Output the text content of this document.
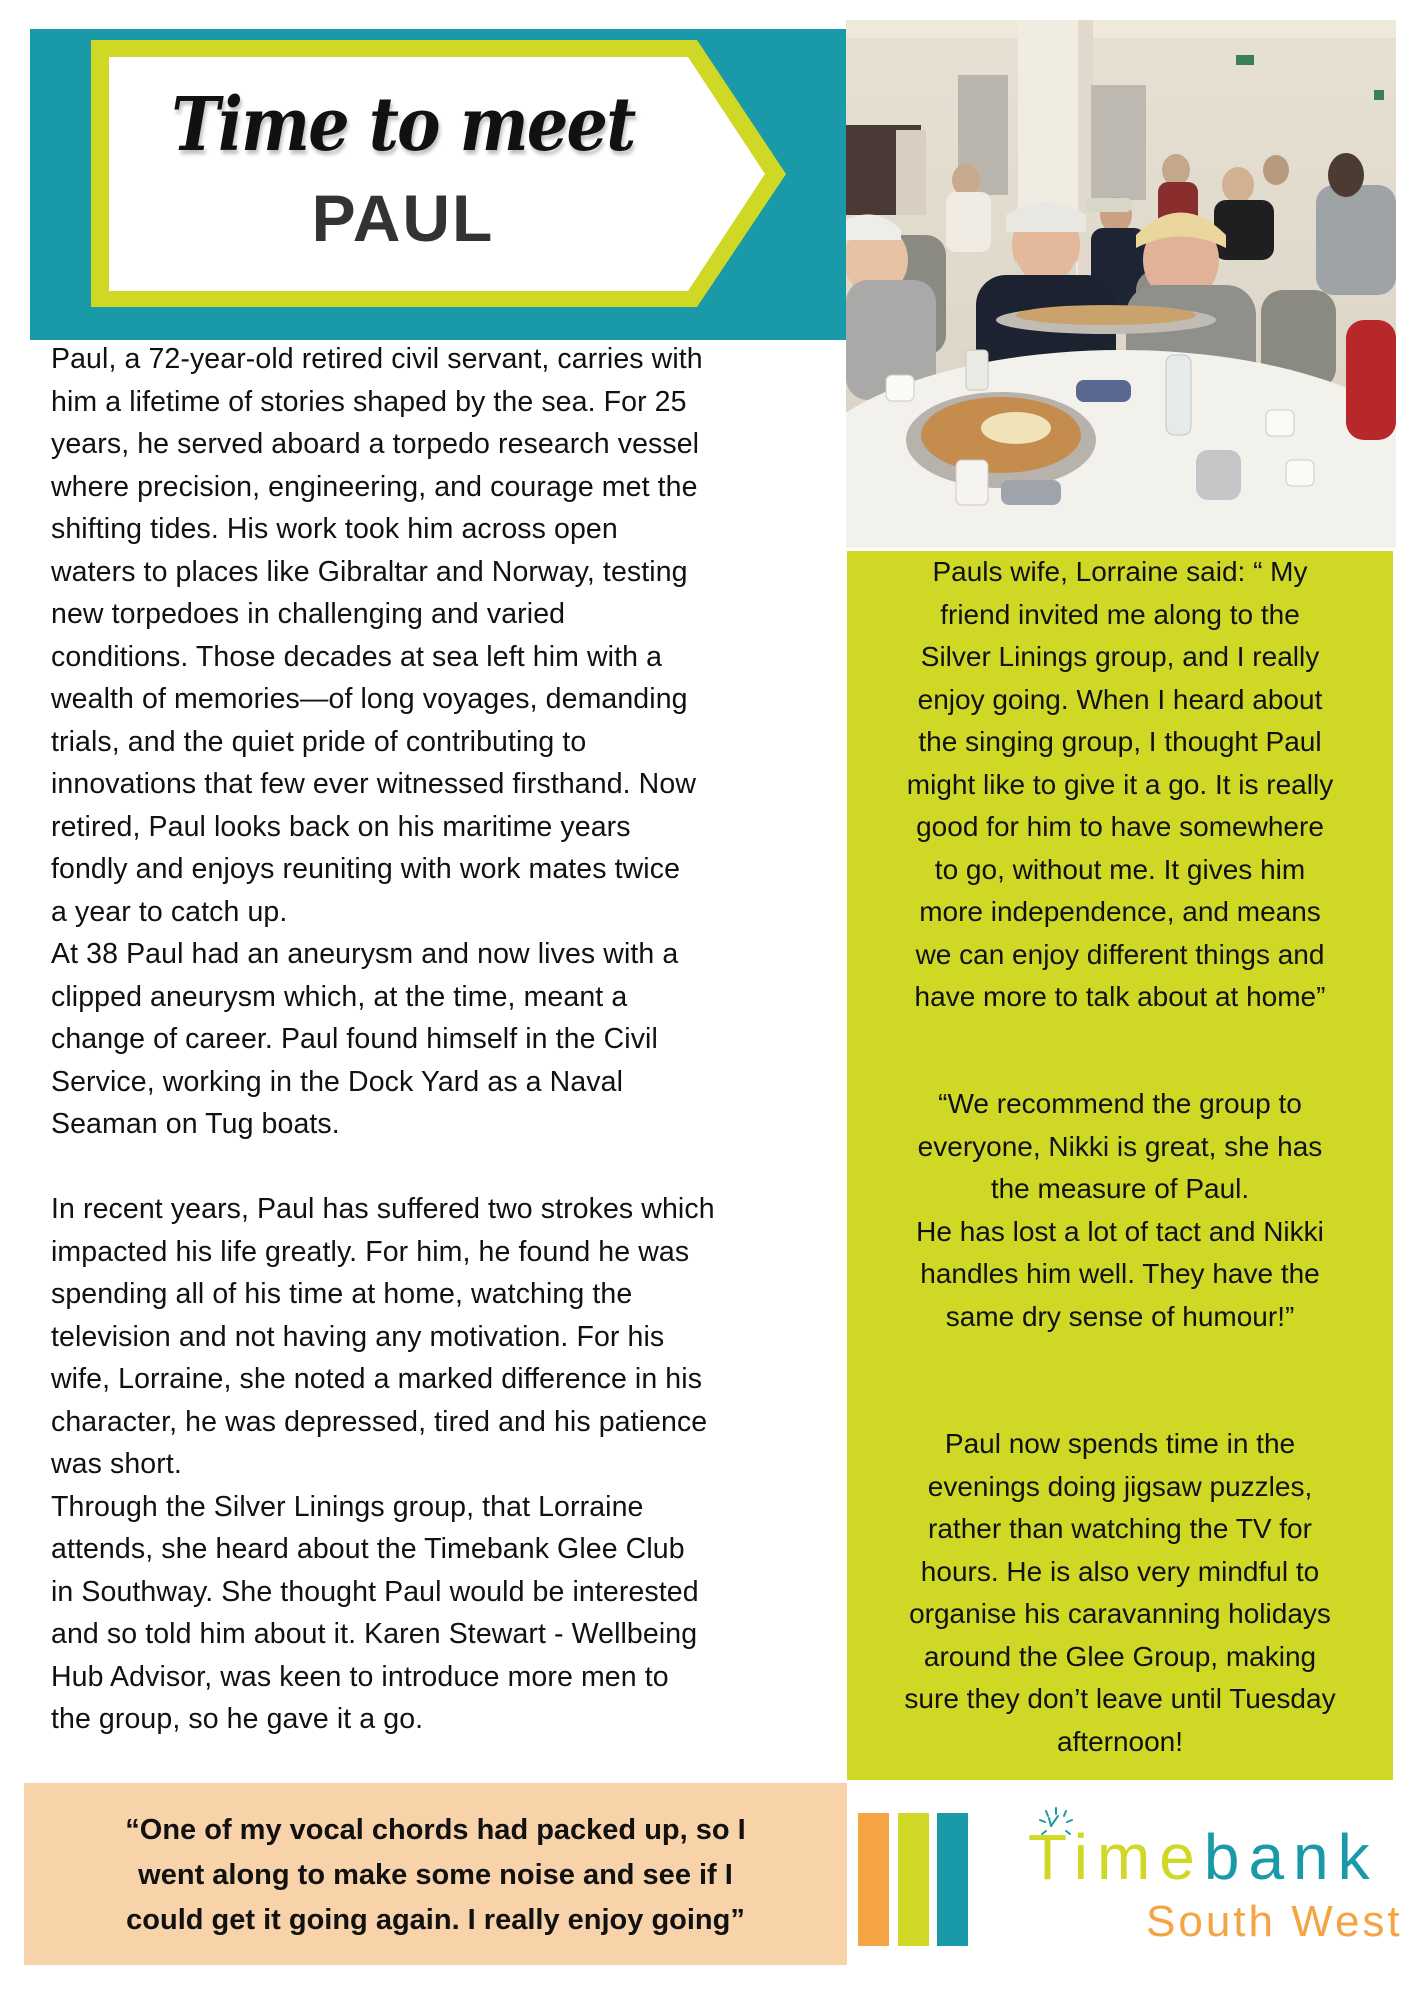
Time to meet
PAUL
Paul, a 72-year-old retired civil servant, carries with
him a lifetime of stories shaped by the sea. For 25
years, he served aboard a torpedo research vessel
where precision, engineering, and courage met the
shifting tides. His work took him across open
waters to places like Gibraltar and Norway, testing
new torpedoes in challenging and varied
conditions. Those decades at sea left him with a
wealth of memories—of long voyages, demanding
trials, and the quiet pride of contributing to
innovations that few ever witnessed firsthand. Now
retired, Paul looks back on his maritime years
fondly and enjoys reuniting with work mates twice
a year to catch up.
At 38 Paul had an aneurysm and now lives with a
clipped aneurysm which, at the time, meant a
change of career. Paul found himself in the Civil
Service, working in the Dock Yard as a Naval
Seaman on Tug boats.
In recent years, Paul has suffered two strokes which
impacted his life greatly. For him, he found he was
spending all of his time at home, watching the
television and not having any motivation. For his
wife, Lorraine, she noted a marked difference in his
character, he was depressed, tired and his patience
was short.
Through the Silver Linings group, that Lorraine
attends, she heard about the Timebank Glee Club
in Southway. She thought Paul would be interested
and so told him about it. Karen Stewart - Wellbeing
Hub Advisor, was keen to introduce more men to
the group, so he gave it a go.
Pauls wife, Lorraine said: “ My
friend invited me along to the
Silver Linings group, and I really
enjoy going. When I heard about
the singing group, I thought Paul
might like to give it a go. It is really
good for him to have somewhere
to go, without me. It gives him
more independence, and means
we can enjoy different things and
have more to talk about at home”
“We recommend the group to
everyone, Nikki is great, she has
the measure of Paul.
He has lost a lot of tact and Nikki
handles him well. They have the
same dry sense of humour!”
Paul now spends time in the
evenings doing jigsaw puzzles,
rather than watching the TV for
hours. He is also very mindful to
organise his caravanning holidays
around the Glee Group, making
sure they don’t leave until Tuesday
afternoon!
“One of my vocal chords had packed up, so I
went along to make some noise and see if I
could get it going again. I really enjoy going”
Timebank
South West
